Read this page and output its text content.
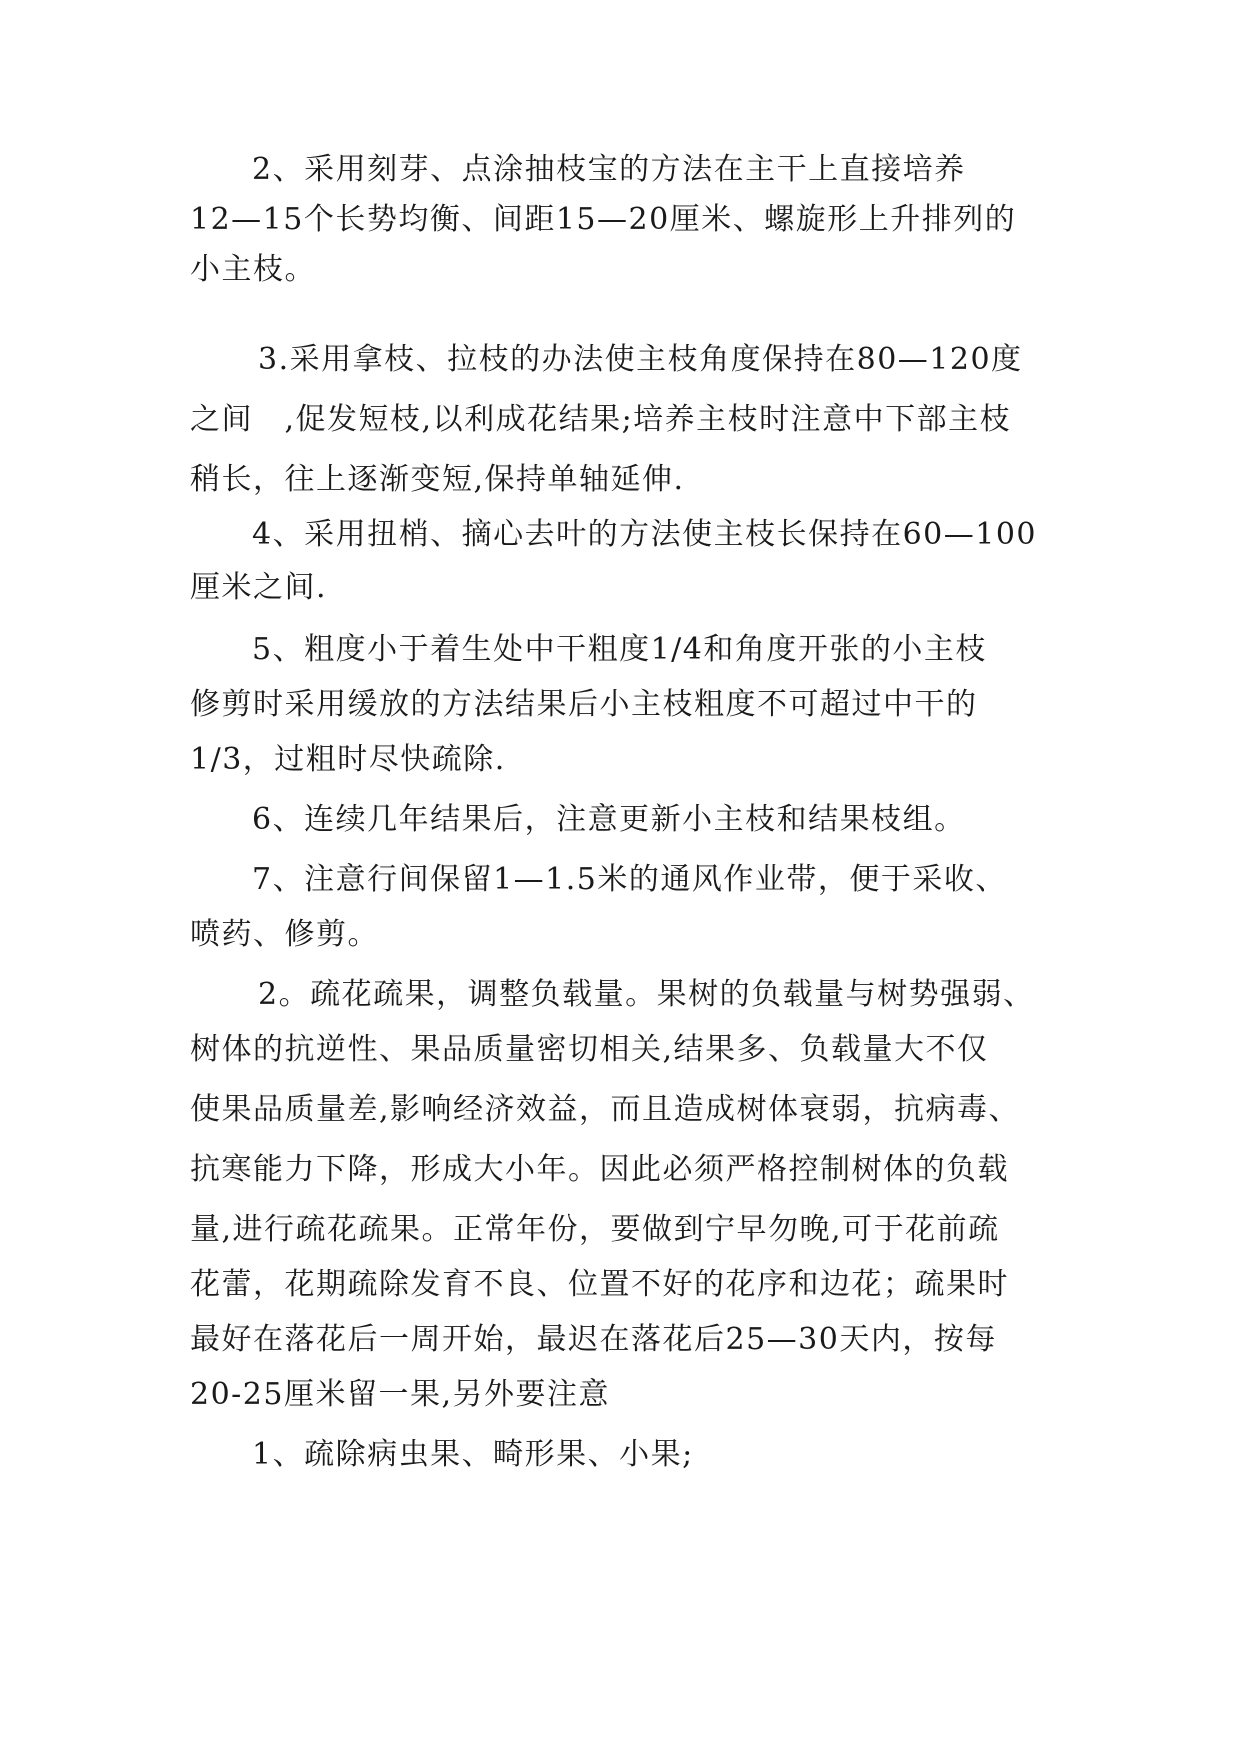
2、采用刻芽、点涂抽枝宝的方法在主干上直接培养

12—15个长势均衡、间距15—20厘米、螺旋形上升排列的

小主枝。

3.采用拿枝、拉枝的办法使主枝角度保持在80—120度

之间　,促发短枝,以利成花结果;培养主枝时注意中下部主枝

稍长，往上逐渐变短,保持单轴延伸.

4、采用扭梢、摘心去叶的方法使主枝长保持在60—100

厘米之间.

5、粗度小于着生处中干粗度1/4和角度开张的小主枝

修剪时采用缓放的方法结果后小主枝粗度不可超过中干的

1/3，过粗时尽快疏除.

6、连续几年结果后，注意更新小主枝和结果枝组。

7、注意行间保留1—1.5米的通风作业带，便于采收、

喷药、修剪。

2。疏花疏果，调整负载量。果树的负载量与树势强弱、

树体的抗逆性、果品质量密切相关,结果多、负载量大不仅

使果品质量差,影响经济效益，而且造成树体衰弱，抗病毒、

抗寒能力下降，形成大小年。因此必须严格控制树体的负载

量,进行疏花疏果。正常年份，要做到宁早勿晚,可于花前疏

花蕾，花期疏除发育不良、位置不好的花序和边花；疏果时

最好在落花后一周开始，最迟在落花后25—30天内，按每

20-25厘米留一果,另外要注意

1、疏除病虫果、畸形果、小果;
